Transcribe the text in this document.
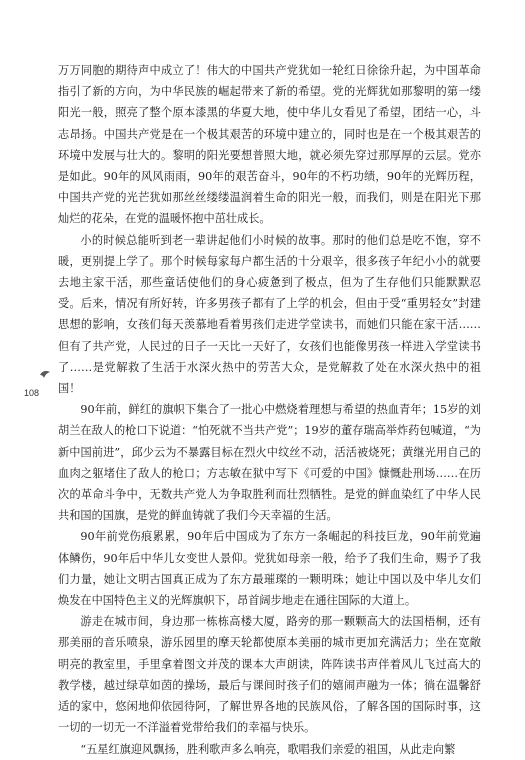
万万同胞的期待声中成立了！伟大的中国共产党犹如一轮红日徐徐升起，为中国革命指引了新的方向，为中华民族的崛起带来了新的希望。党的光辉犹如那黎明的第一缕阳光一般，照亮了整个原本漆黑的华夏大地，使中华儿女看见了希望，团结一心，斗志昂扬。中国共产党是在一个极其艰苦的环境中建立的，同时也是在一个极其艰苦的环境中发展与壮大的。黎明的阳光要想普照大地，就必须先穿过那厚厚的云层。党亦是如此。90年的风风雨雨，90年的艰苦奋斗，90年的不朽功绩，90年的光辉历程，中国共产党的光芒犹如那丝丝缕缕温润着生命的阳光一般，而我们，则是在阳光下那灿烂的花朵，在党的温暖怀抱中茁壮成长。

小的时候总能听到老一辈讲起他们小时候的故事。那时的他们总是吃不饱，穿不暖，更别提上学了。那个时候每家每户都生活的十分艰辛，很多孩子年纪小小的就要去地主家干活，那些童话使他们的身心疲惫到了极点，但为了生存他们只能默默忍受。后来，情况有所好转，许多男孩子都有了上学的机会，但由于受“重男轻女”封建思想的影响，女孩们每天羡慕地看着男孩们走进学堂读书，而她们只能在家干活……但有了共产党，人民过的日子一天比一天好了，女孩们也能像男孩一样进入学堂读书了……是党解救了生活于水深火热中的劳苦大众，是党解救了处在水深火热中的祖国！

90年前，鲜红的旗帜下集合了一批心中燃烧着理想与希望的热血青年；15岁的刘胡兰在敌人的枪口下说道：“怕死就不当共产党”；19岁的董存瑞高举炸药包喊道，“为新中国前进”，邱少云为不暴露目标在烈火中纹丝不动，活活被烧死；黄继光用自己的血肉之躯堵住了敌人的枪口；方志敏在狱中写下《可爱的中国》慷慨赴刑场……在历次的革命斗争中，无数共产党人为争取胜利而壮烈牺牲。是党的鲜血染红了中华人民共和国的国旗，是党的鲜血铸就了我们今天幸福的生活。

90年前党伤痕累累，90年后中国成为了东方一条崛起的科技巨龙，90年前党遍体鳞伤，90年后中华儿女变世人景仰。党犹如母亲一般，给予了我们生命，赐予了我们力量，她让文明古国真正成为了东方最璀璨的一颗明珠；她让中国以及中华儿女们焕发在中国特色主义的光辉旗帜下，昂首阔步地走在通往国际的大道上。

游走在城市间，身边那一栋栋高楼大厦，路旁的那一颗颗高大的法国梧桐，还有那美丽的音乐喷泉，游乐园里的摩天轮都使原本美丽的城市更加充满活力；坐在宽敞明亮的教室里，手里拿着图文并茂的课本大声朗读，阵阵读书声伴着风儿飞过高大的教学楼，越过绿草如茵的操场，最后与课间时孩子们的嬉闹声融为一体；徜在温馨舒适的家中，悠闲地仰依园待阿，了解世界各地的民族风俗，了解各国的国际时事，这一切的一切无一不洋溢着党带给我们的幸福与快乐。

“五星红旗迎风飘扬，胜利歌声多么响亮，歌唱我们亲爱的祖国，从此走向繁

108
